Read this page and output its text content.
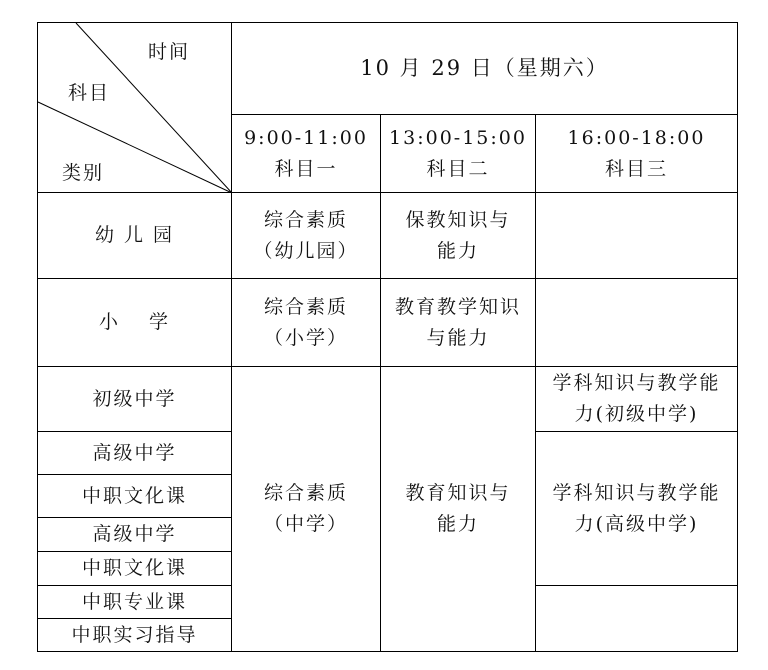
时间
科目
类别
10 月 29 日（星期六）
9:00-11:00
科目一
13:00-15:00
科目二
16:00-18:00
科目三
幼 儿 园
小　 学
初级中学
高级中学
中职文化课
高级中学
中职文化课
中职专业课
中职实习指导
综合素质
（幼儿园）
保教知识与
能力
综合素质
（小学）
教育教学知识
与能力
综合素质
（中学）
教育知识与
能力
学科知识与教学能
力(初级中学)
学科知识与教学能
力(高级中学)
